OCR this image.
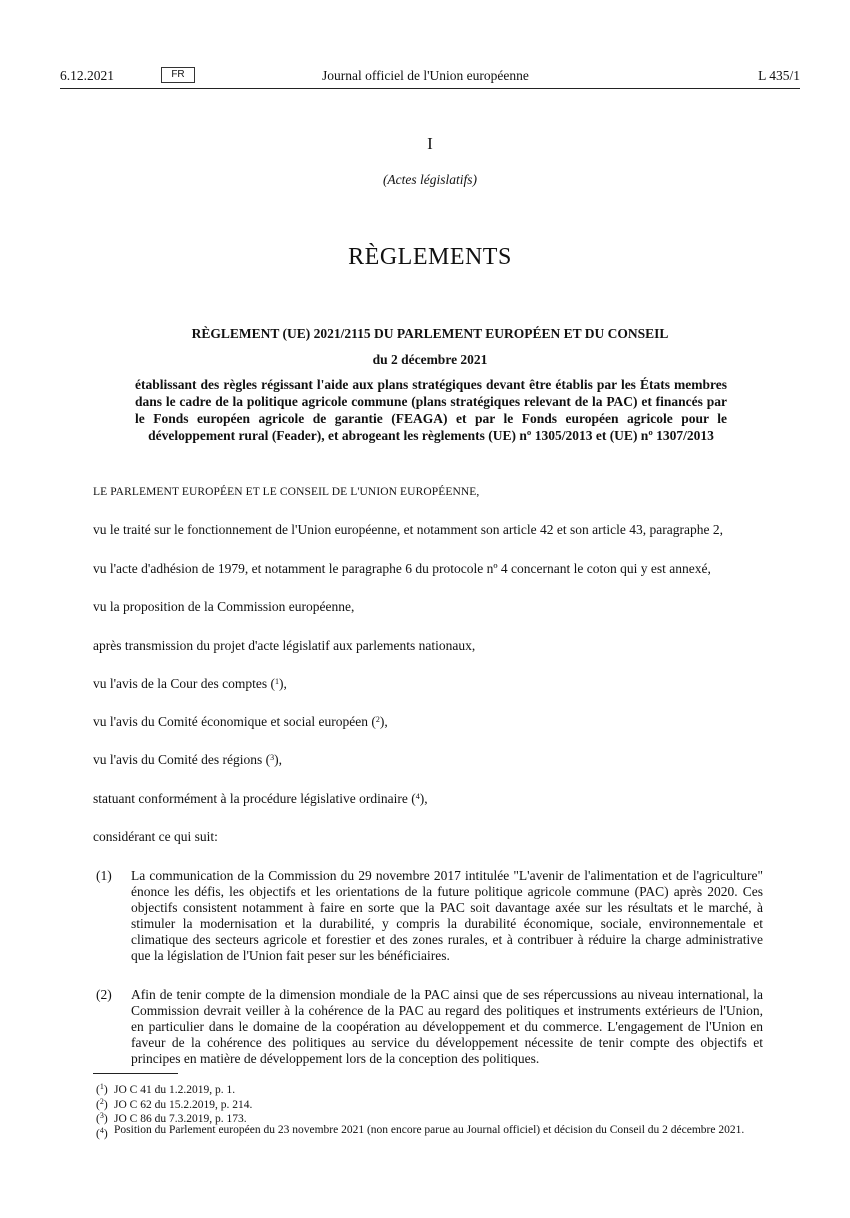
6.12.2021	FR	Journal officiel de l'Union européenne	L 435/1
I
(Actes législatifs)
RÈGLEMENTS
RÈGLEMENT (UE) 2021/2115 DU PARLEMENT EUROPÉEN ET DU CONSEIL
du 2 décembre 2021
établissant des règles régissant l'aide aux plans stratégiques devant être établis par les États membres dans le cadre de la politique agricole commune (plans stratégiques relevant de la PAC) et financés par le Fonds européen agricole de garantie (FEAGA) et par le Fonds européen agricole pour le développement rural (Feader), et abrogeant les règlements (UE) nº 1305/2013 et (UE) nº 1307/2013
LE PARLEMENT EUROPÉEN ET LE CONSEIL DE L'UNION EUROPÉENNE,
vu le traité sur le fonctionnement de l'Union européenne, et notamment son article 42 et son article 43, paragraphe 2,
vu l'acte d'adhésion de 1979, et notamment le paragraphe 6 du protocole nº 4 concernant le coton qui y est annexé,
vu la proposition de la Commission européenne,
après transmission du projet d'acte législatif aux parlements nationaux,
vu l'avis de la Cour des comptes ($^1$),
vu l'avis du Comité économique et social européen ($^2$),
vu l'avis du Comité des régions ($^3$),
statuant conformément à la procédure législative ordinaire ($^4$),
considérant ce qui suit:
(1) La communication de la Commission du 29 novembre 2017 intitulée "L'avenir de l'alimentation et de l'agriculture" énonce les défis, les objectifs et les orientations de la future politique agricole commune (PAC) après 2020. Ces objectifs consistent notamment à faire en sorte que la PAC soit davantage axée sur les résultats et le marché, à stimuler la modernisation et la durabilité, y compris la durabilité économique, sociale, environnementale et climatique des secteurs agricole et forestier et des zones rurales, et à contribuer à réduire la charge administrative que la législation de l'Union fait peser sur les bénéficiaires.
(2) Afin de tenir compte de la dimension mondiale de la PAC ainsi que de ses répercussions au niveau international, la Commission devrait veiller à la cohérence de la PAC au regard des politiques et instruments extérieurs de l'Union, en particulier dans le domaine de la coopération au développement et du commerce. L'engagement de l'Union en faveur de la cohérence des politiques au service du développement nécessite de tenir compte des objectifs et principes en matière de développement lors de la conception des politiques.
($^1$) JO C 41 du 1.2.2019, p. 1.
($^2$) JO C 62 du 15.2.2019, p. 214.
($^3$) JO C 86 du 7.3.2019, p. 173.
($^4$) Position du Parlement européen du 23 novembre 2021 (non encore parue au Journal officiel) et décision du Conseil du 2 décembre 2021.
